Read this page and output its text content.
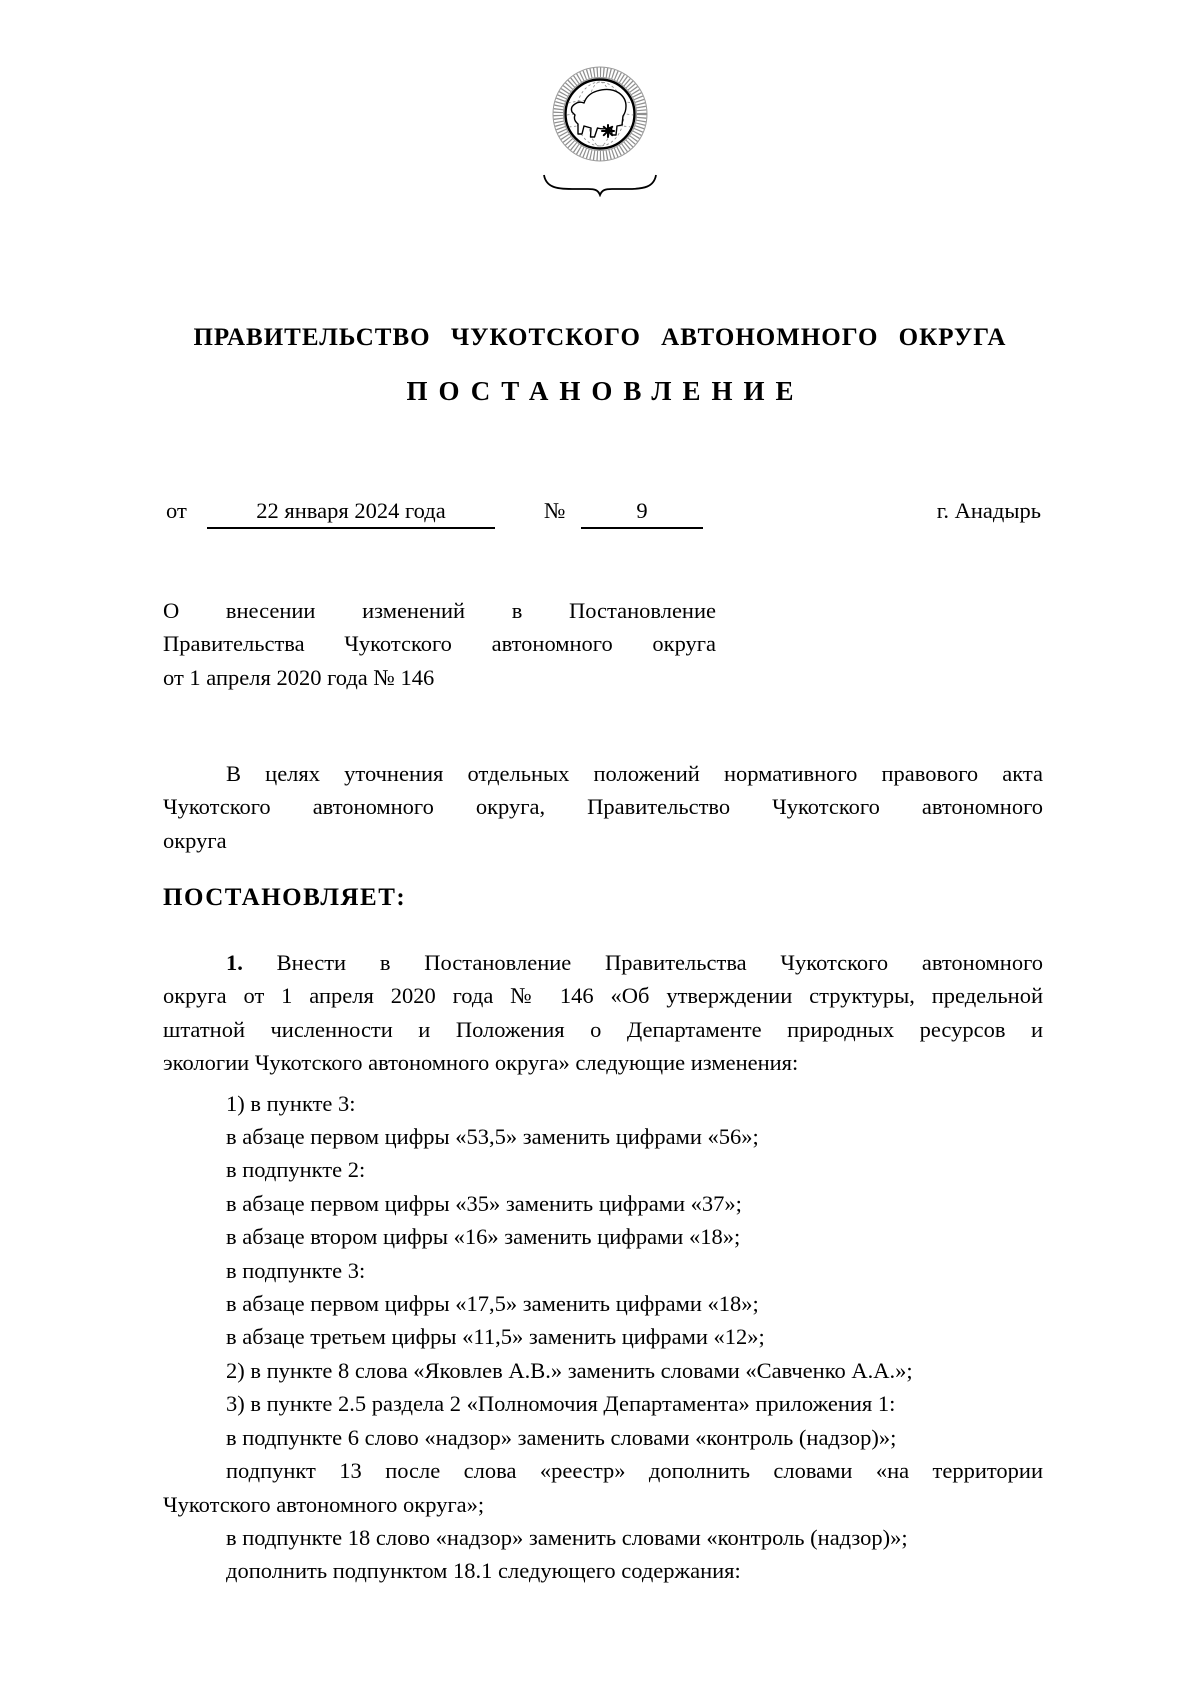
ПРАВИТЕЛЬСТВО ЧУКОТСКОГО АВТОНОМНОГО ОКРУГА
ПОСТАНОВЛЕНИЕ
от	22 января 2024 года	№	9	г. Анадырь
О внесении изменений в Постановление
Правительства Чукотского автономного округа
от 1 апреля 2020 года № 146
В целях уточнения отдельных положений нормативного правового акта
Чукотского автономного округа, Правительство Чукотского автономного
округа
ПОСТАНОВЛЯЕТ:
1. Внести в Постановление Правительства Чукотского автономного
округа от 1 апреля 2020 года № 146 «Об утверждении структуры, предельной
штатной численности и Положения о Департаменте природных ресурсов и
экологии Чукотского автономного округа» следующие изменения:
1) в пункте 3:
в абзаце первом цифры «53,5» заменить цифрами «56»;
в подпункте 2:
в абзаце первом цифры «35» заменить цифрами «37»;
в абзаце втором цифры «16» заменить цифрами «18»;
в подпункте 3:
в абзаце первом цифры «17,5» заменить цифрами «18»;
в абзаце третьем цифры «11,5» заменить цифрами «12»;
2) в пункте 8 слова «Яковлев А.В.» заменить словами «Савченко А.А.»;
3) в пункте 2.5 раздела 2 «Полномочия Департамента» приложения 1:
в подпункте 6 слово «надзор» заменить словами «контроль (надзор)»;
подпункт 13 после слова «реестр» дополнить словами «на территории
Чукотского автономного округа»;
в подпункте 18 слово «надзор» заменить словами «контроль (надзор)»;
дополнить подпунктом 18.1 следующего содержания:
